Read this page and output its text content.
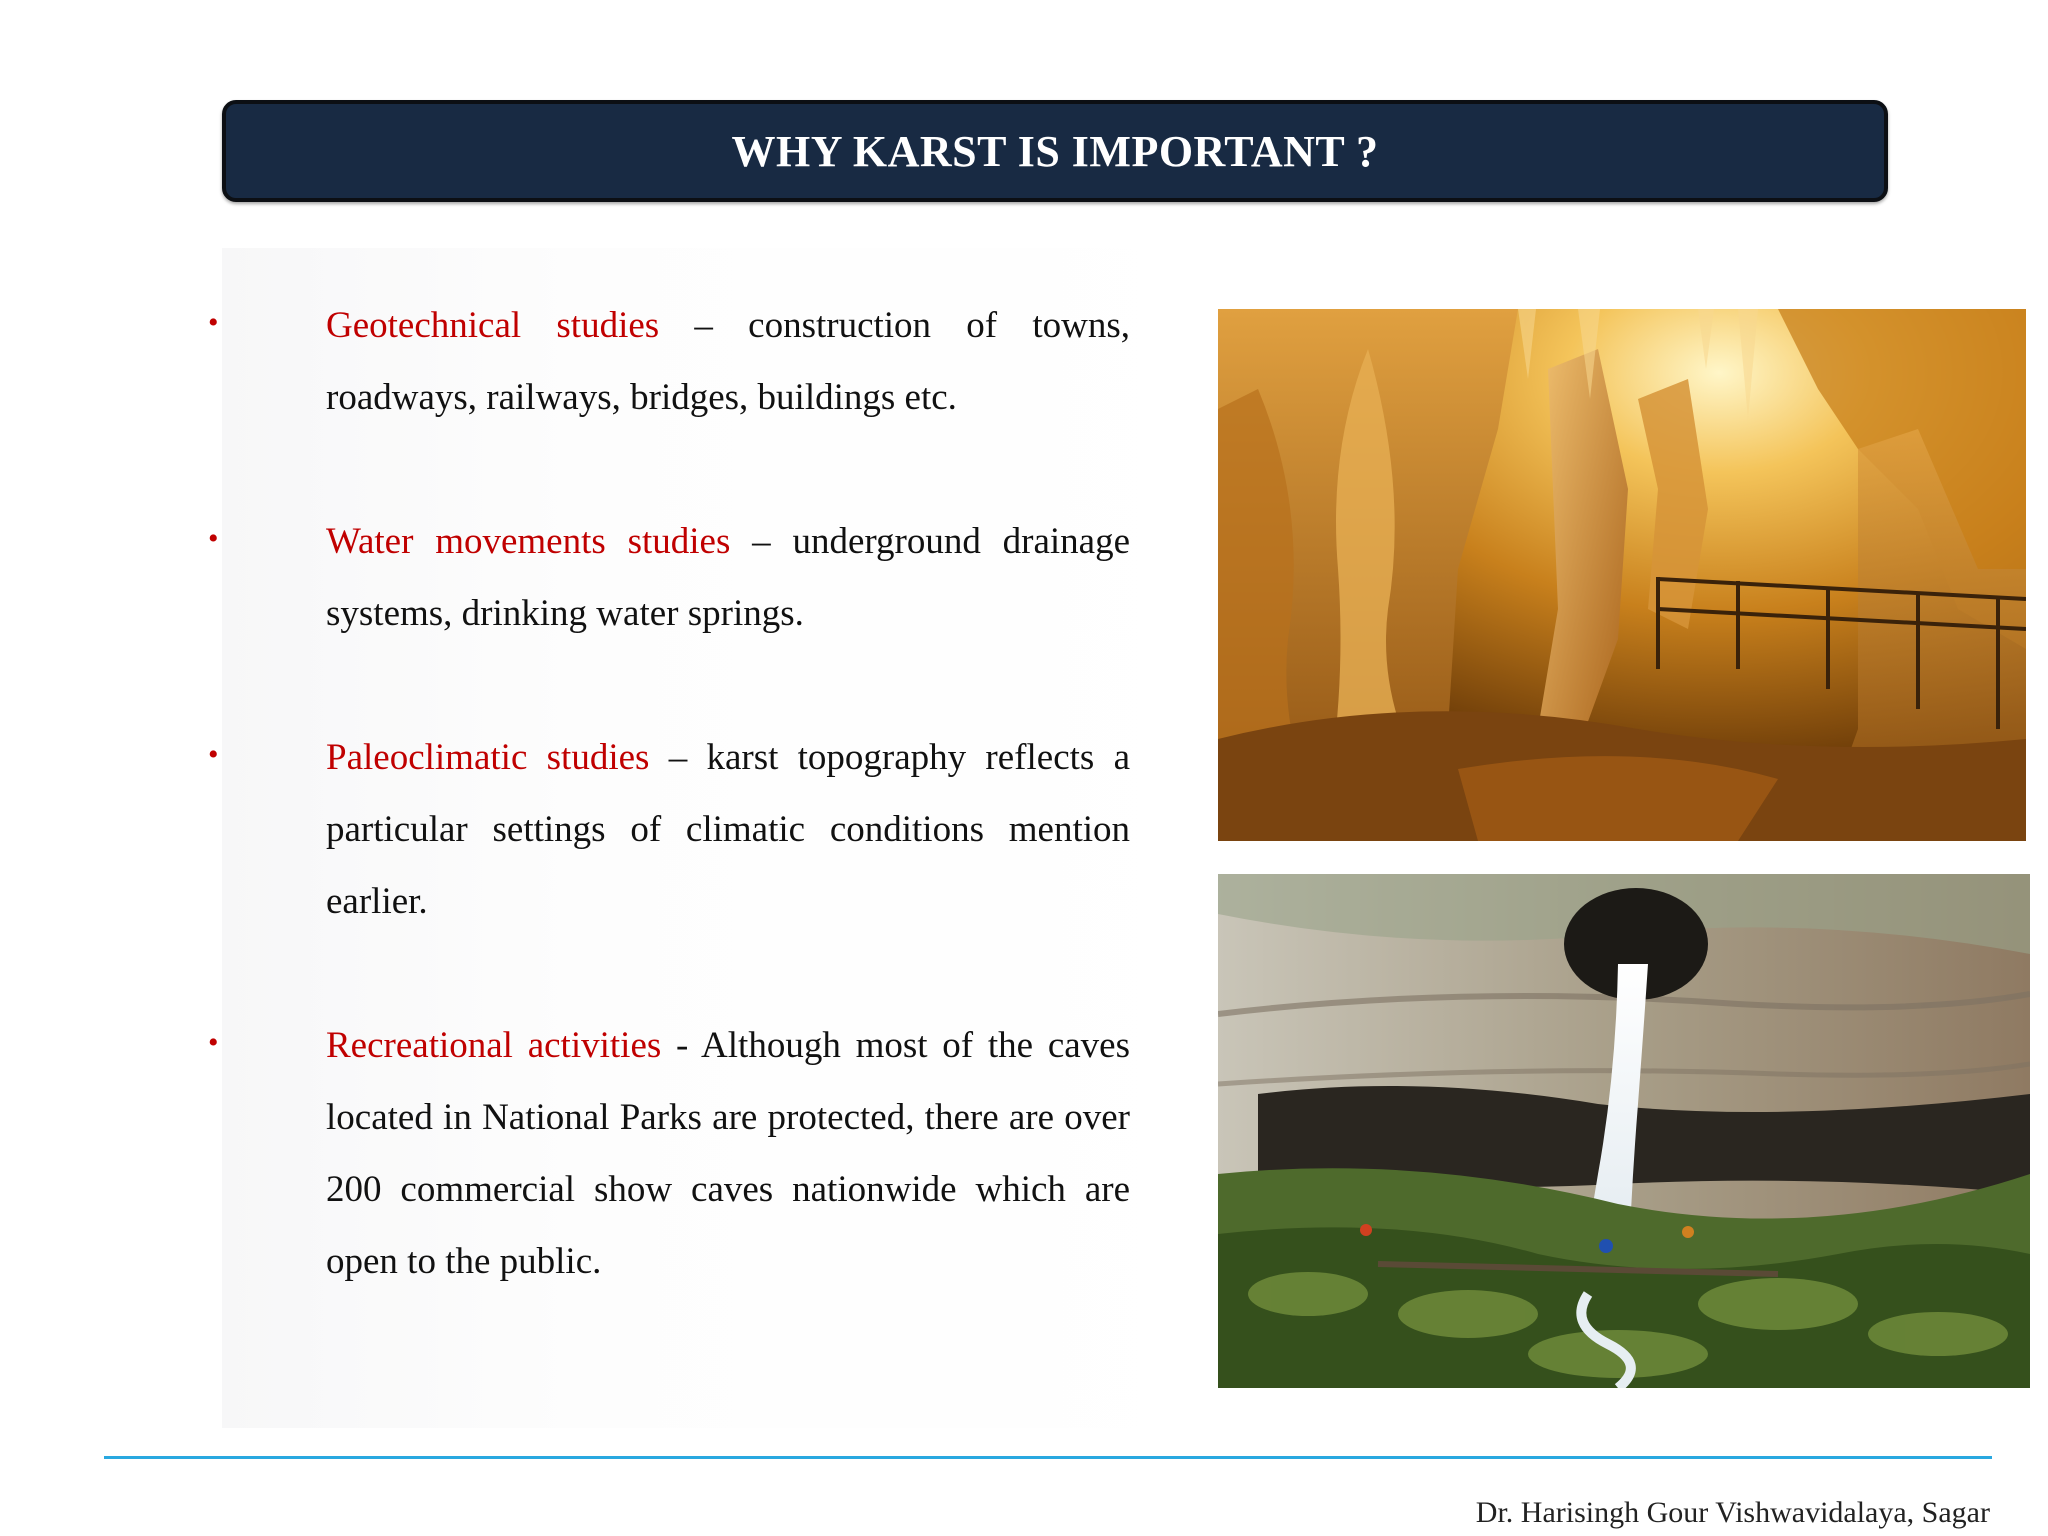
WHY KARST IS IMPORTANT ?
•	Geotechnical studies – construction of towns, roadways, railways, bridges, buildings etc.
•	Water movements studies – underground drainage systems, drinking water springs.
•	Paleoclimatic studies – karst topography reflects a particular settings of climatic conditions mention earlier.
•	Recreational activities - Although most of the caves located in National Parks are protected, there are over 200 commercial show caves nationwide which are open to the public.
Dr. Harisingh Gour Vishwavidalaya, Sagar
